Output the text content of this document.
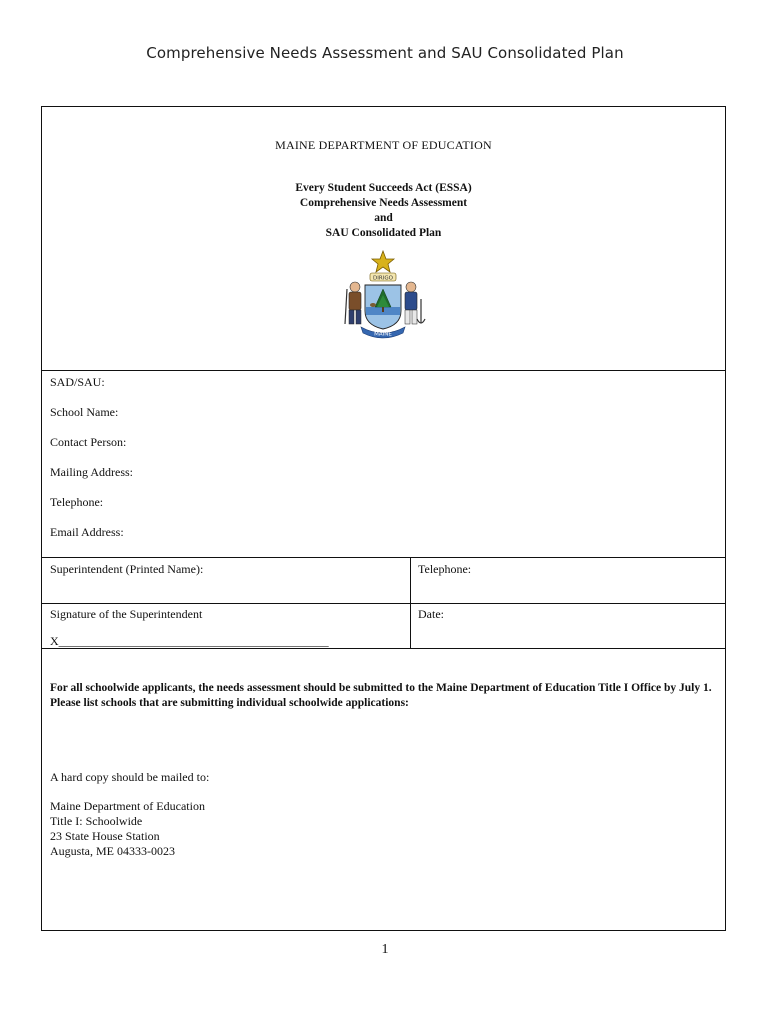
Comprehensive Needs Assessment and SAU Consolidated Plan
MAINE DEPARTMENT OF EDUCATION
Every Student Succeeds Act (ESSA)
Comprehensive Needs Assessment
and
SAU Consolidated Plan
DIRIGO
MAINE
SAD/SAU:
School Name:
Contact Person:
Mailing Address:
Telephone:
Email Address:
Superintendent (Printed Name):	Telephone:
Signature of the Superintendent
X_____________________________________________
Date:
For all schoolwide applicants, the needs assessment should be submitted to the Maine Department of Education Title I Office by July 1. Please list schools that are submitting individual schoolwide applications:
A hard copy should be mailed to:
Maine Department of Education
Title I: Schoolwide
23 State House Station
Augusta, ME 04333-0023
1
